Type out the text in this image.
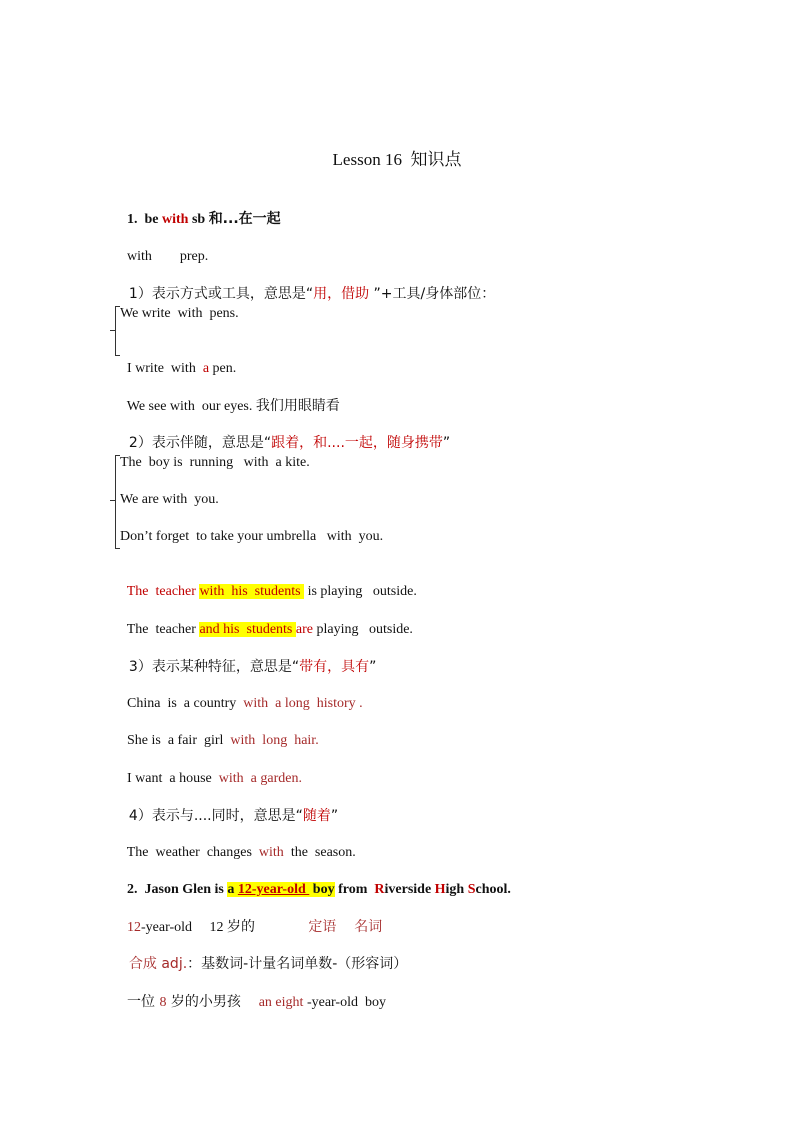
Lesson 16 知识点

1.  be with sb 和...在一起

with prep.

1）表示方式或工具，意思是“用，借助 ”+工具/身体部位：

We write  with  pens.

I write  with  a pen.

We see with  our eyes. 我们用眼睛看

2）表示伴随，意思是“跟着，和....一起，随身携带”

The  boy is  running   with  a kite.
We are with  you.
Don’t forget  to take your umbrella   with  you.

The  teacher with  his  students  is playing   outside.

The  teacher and his  students are playing   outside.

3）表示某种特征，意思是“带有，具有”

China  is  a country  with  a long  history .

She is  a fair  girl  with  long  hair.

I want  a house  with  a garden.

4）表示与....同时，意思是“随着”

The  weather  changes  with  the  season.

2.  Jason Glen is a 12-year-old  boy from  Riverside High School.

12-year-old     12 岁的            定语    名词

合成 adj.：基数词-计量名词单数-（形容词）

一位 8 岁的小男孩    an eight -year-old  boy
